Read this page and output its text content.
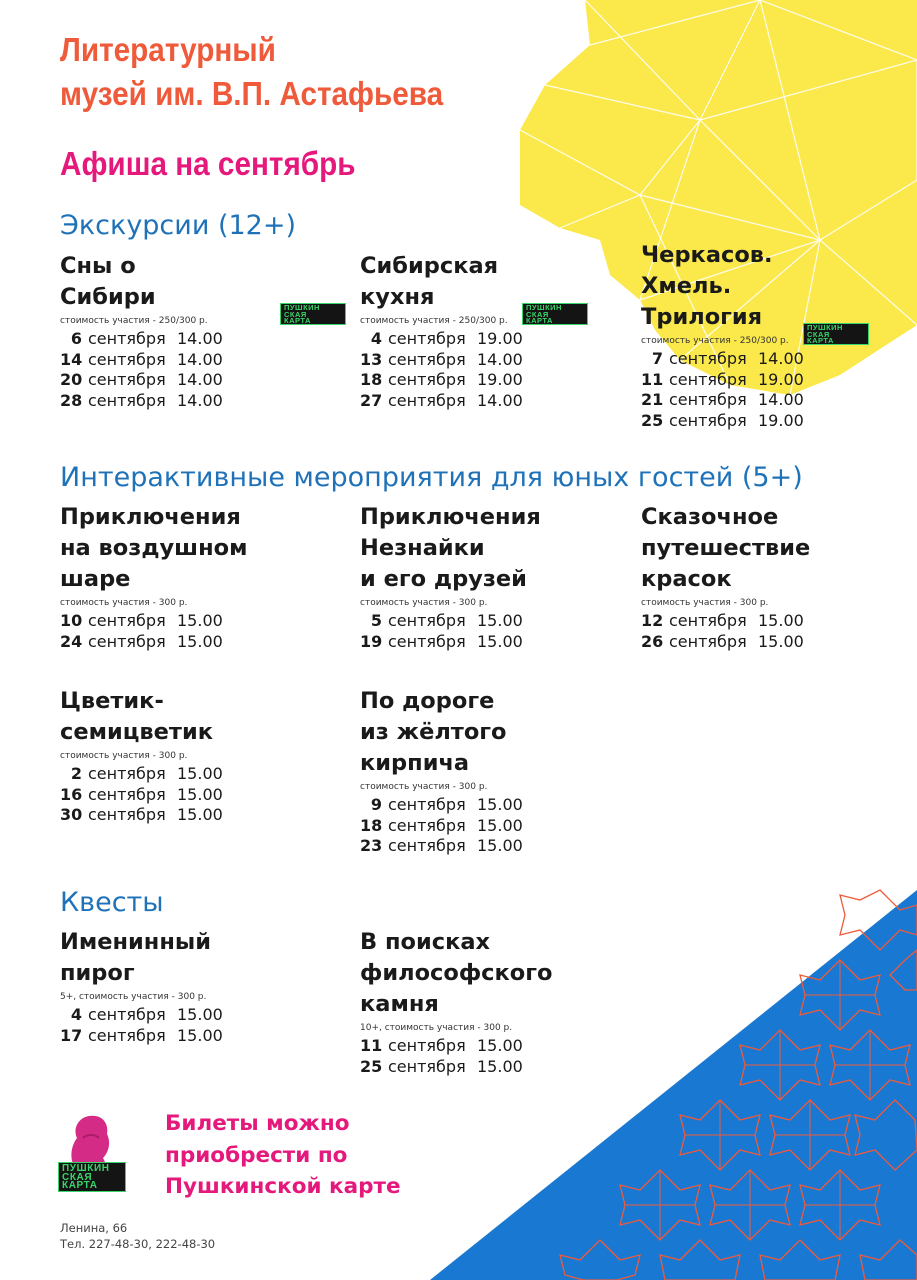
Литературный
музей им. В.П. Астафьева
Афиша на сентябрь
Экскурсии (12+)
Интерактивные мероприятия для юных гостей (5+)
Квесты
Сны о
Сибири
стоимость участия - 250/300 р.
ПУШКИН
СКАЯ
КАРТА
6 сентября 14.00
14 сентября 14.00
20 сентября 14.00
28 сентября 14.00
Сибирская
кухня
стоимость участия - 250/300 р.
ПУШКИН
СКАЯ
КАРТА
4 сентября 19.00
13 сентября 14.00
18 сентября 19.00
27 сентября 14.00
Черкасов.
Хмель.
Трилогия
стоимость участия - 250/300 р.
ПУШКИН
СКАЯ
КАРТА
7 сентября 14.00
11 сентября 19.00
21 сентября 14.00
25 сентября 19.00
Приключения
на воздушном
шаре
стоимость участия - 300 р.
10 сентября 15.00
24 сентября 15.00
Приключения
Незнайки
и его друзей
стоимость участия - 300 р.
5 сентября 15.00
19 сентября 15.00
Сказочное
путешествие
красок
стоимость участия - 300 р.
12 сентября 15.00
26 сентября 15.00
Цветик-
семицветик
стоимость участия - 300 р.
2 сентября 15.00
16 сентября 15.00
30 сентября 15.00
По дороге
из жёлтого
кирпича
стоимость участия - 300 р.
9 сентября 15.00
18 сентября 15.00
23 сентября 15.00
Именинный
пирог
5+, стоимость участия - 300 р.
4 сентября 15.00
17 сентября 15.00
В поисках
философского
камня
10+, стоимость участия - 300 р.
11 сентября 15.00
25 сентября 15.00
ПУШКИН
СКАЯ
КАРТА
Билеты можно
приобрести по
Пушкинской карте
Ленина, 66
Тел. 227-48-30, 222-48-30
